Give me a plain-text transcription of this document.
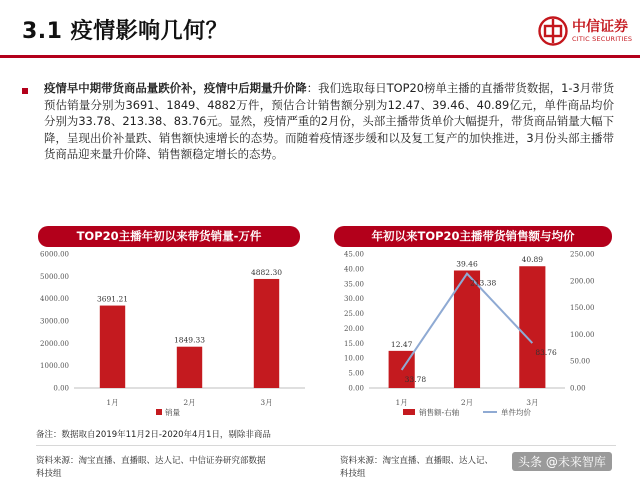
3.1 疫情影响几何？	中信证券
CITIC SECURITIES
疫情早中期带货商品量跌价补，疫情中后期量升价降：我们选取每日TOP20榜单主播的直播带货数据，1-3月带货预估销量分别为3691、1849、4882万件，预估合计销售额分别为12.47、39.46、40.89亿元，单件商品均价分别为33.78、213.38、83.76元。显然，疫情严重的2月份，头部主播带货单价大幅提升，带货商品销量大幅下降，呈现出价补量跌、销售额快速增长的态势。而随着疫情逐步缓和以及复工复产的加快推进，3月份头部主播带货商品迎来量升价降、销售额稳定增长的态势。
TOP20主播年初以来带货销量-万件
0.00
1000.00
2000.00
3000.00
4000.00
5000.00
6000.00
3691.21
1月
1849.33
2月
4882.30
3月
销量
备注：数据取自2019年11月2日-2020年4月1日，剔除非商品
资料来源：淘宝直播、直播眼、达人记、中信证券研究部数据
科技组
年初以来TOP20主播带货销售额与均价
0.00
5.00
10.00
15.00
20.00
25.00
30.00
35.00
40.00
45.00
0.00
50.00
100.00
150.00
200.00
250.00
12.47
1月
39.46
2月
40.89
3月
33.78
213.38
83.76
销售额-右轴	单件均价
资料来源：淘宝直播、直播眼、达人记、
科技组
头条 @未来智库
